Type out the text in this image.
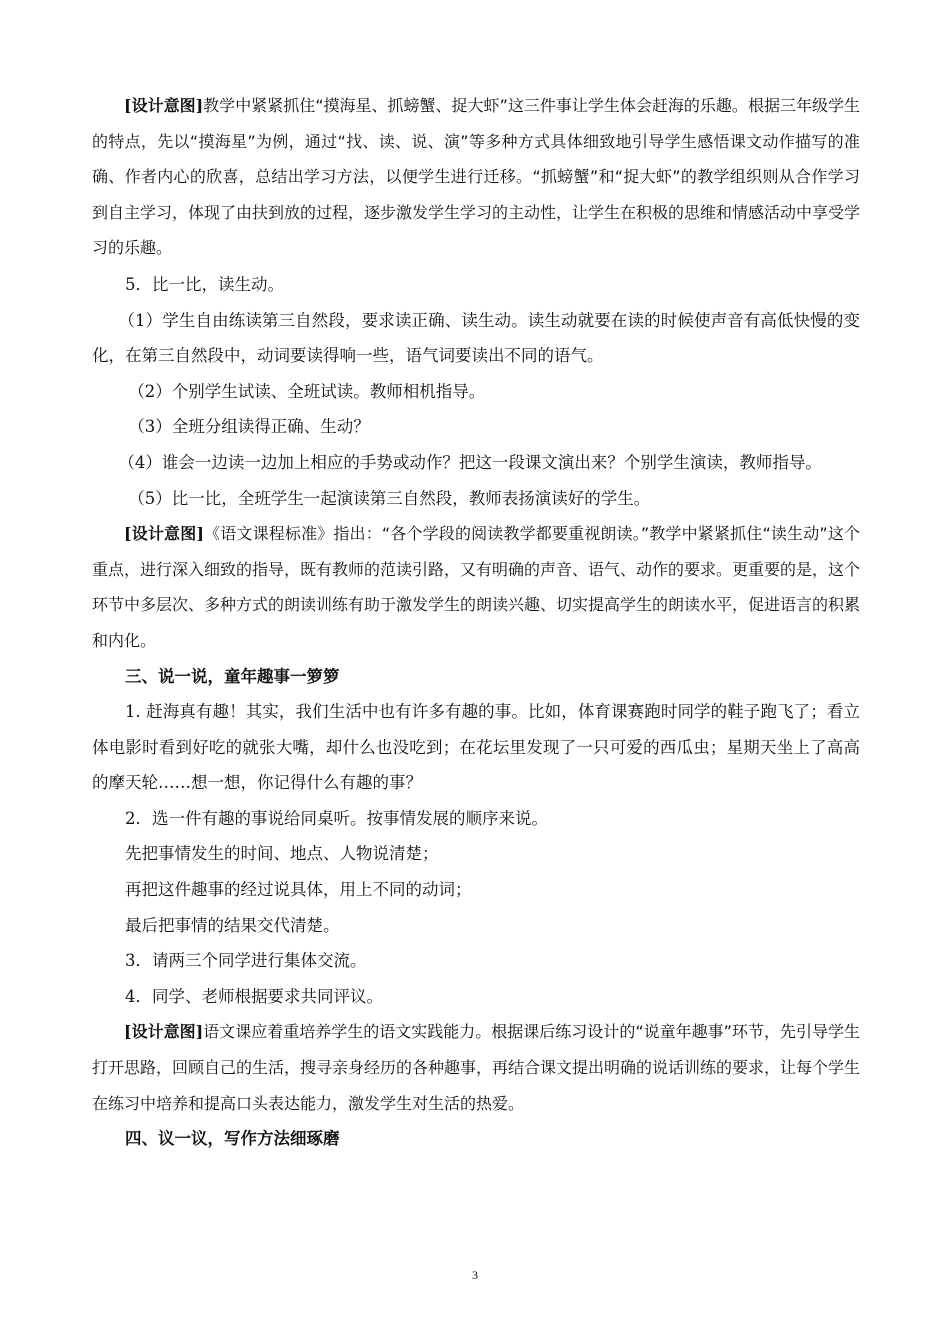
[设计意图]教学中紧紧抓住“摸海星、抓螃蟹、捉大虾”这三件事让学生体会赶海的乐趣。根据三年级学生的特点，先以“摸海星”为例，通过“找、读、说、演”等多种方式具体细致地引导学生感悟课文动作描写的准确、作者内心的欣喜，总结出学习方法，以便学生进行迁移。“抓螃蟹”和“捉大虾”的教学组织则从合作学习到自主学习，体现了由扶到放的过程，逐步激发学生学习的主动性，让学生在积极的思维和情感活动中享受学习的乐趣。

5．比一比，读生动。

（1）学生自由练读第三自然段，要求读正确、读生动。读生动就要在读的时候使声音有高低快慢的变化，在第三自然段中，动词要读得响一些，语气词要读出不同的语气。

（2）个别学生试读、全班试读。教师相机指导。

（3）全班分组读得正确、生动？

（4）谁会一边读一边加上相应的手势或动作？把这一段课文演出来？个别学生演读，教师指导。

（5）比一比，全班学生一起演读第三自然段，教师表扬演读好的学生。

[设计意图]《语文课程标准》指出：“各个学段的阅读教学都要重视朗读。”教学中紧紧抓住“读生动”这个重点，进行深入细致的指导，既有教师的范读引路，又有明确的声音、语气、动作的要求。更重要的是，这个环节中多层次、多种方式的朗读训练有助于激发学生的朗读兴趣、切实提高学生的朗读水平，促进语言的积累和内化。

三、说一说，童年趣事一箩箩

1. 赶海真有趣！其实，我们生活中也有许多有趣的事。比如，体育课赛跑时同学的鞋子跑飞了；看立体电影时看到好吃的就张大嘴，却什么也没吃到；在花坛里发现了一只可爱的西瓜虫；星期天坐上了高高的摩天轮……想一想，你记得什么有趣的事？

2．选一件有趣的事说给同桌听。按事情发展的顺序来说。

先把事情发生的时间、地点、人物说清楚；

再把这件趣事的经过说具体，用上不同的动词；

最后把事情的结果交代清楚。

3．请两三个同学进行集体交流。

4．同学、老师根据要求共同评议。

[设计意图]语文课应着重培养学生的语文实践能力。根据课后练习设计的“说童年趣事”环节，先引导学生打开思路，回顾自己的生活，搜寻亲身经历的各种趣事，再结合课文提出明确的说话训练的要求，让每个学生在练习中培养和提高口头表达能力，激发学生对生活的热爱。

四、议一议，写作方法细琢磨

3
